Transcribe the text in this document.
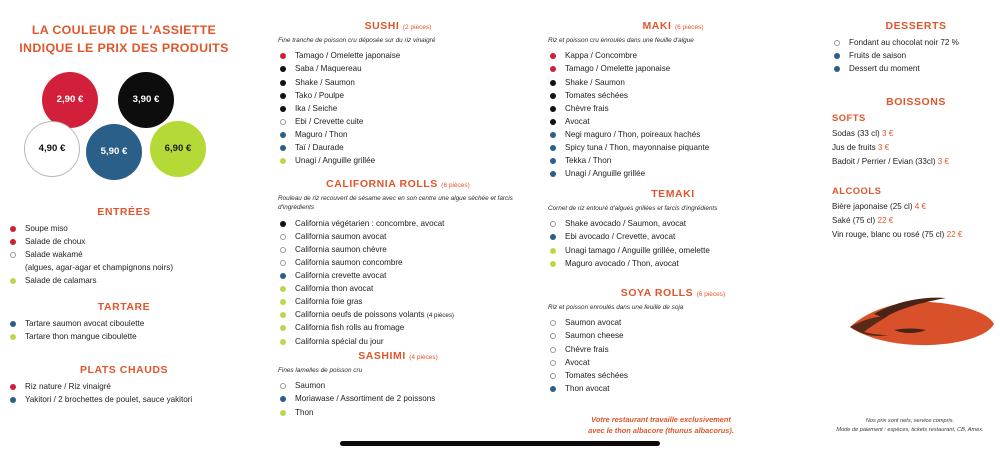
LA COULEUR DE L'ASSIETTE
INDIQUE LE PRIX DES PRODUITS
2,90 €	3,90 €
4,90 €	5,90 €	6,90 €
ENTRÉES
Soupe miso
Salade de choux
Salade wakamé
(algues, agar-agar et champignons noirs)
Salade de calamars
TARTARE
Tartare saumon avocat ciboulette
Tartare thon mangue ciboulette
PLATS CHAUDS
Riz nature / Riz vinaigré
Yakitori / 2 brochettes de poulet, sauce yakitori
SUSHI (2 pièces)
Fine tranche de poisson cru déposée sur du riz vinaigré
Tamago / Omelette japonaise
Saba / Maquereau
Shake / Saumon
Tako / Poulpe
Ika / Seiche
Ebi / Crevette cuite
Maguro / Thon
Taï / Daurade
Unagi / Anguille grillée
CALIFORNIA ROLLS (6 pièces)
Rouleau de riz recouvert de sésame avec en son centre une algue séchée et farcis d'ingrédients
California végétarien : concombre, avocat
California saumon avocat
California saumon chèvre
California saumon concombre
California crevette avocat
California thon avocat
California foie gras
California oeufs de poissons volants (4 pièces)
California fish rolls au fromage
California spécial du jour
SASHIMI (4 pièces)
Fines lamelles de poisson cru
Saumon
Moriawase / Assortiment de 2 poissons
Thon
MAKI (6 pièces)
Riz et poisson cru enroulés dans une feuille d'algue
Kappa / Concombre
Tamago / Omelette japonaise
Shake / Saumon
Tomates séchées
Chèvre frais
Avocat
Negi maguro / Thon, poireaux hachés
Spicy tuna / Thon, mayonnaise piquante
Tekka / Thon
Unagi / Anguille grillée
TEMAKI
Cornet de riz entouré d'algues grillées et farcis d'ingrédients
Shake avocado / Saumon, avocat
Ebi avocado / Crevette, avocat
Unagi tamago / Anguille grillée, omelette
Maguro avocado / Thon, avocat
SOYA ROLLS (6 pièces)
Riz et poisson enroulés dans une feuille de soja
Saumon avocat
Saumon cheese
Chèvre frais
Avocat
Tomates séchées
Thon avocat
DESSERTS
Fondant au chocolat noir 72 %
Fruits de saison
Dessert du moment
BOISSONS
SOFTS
Sodas (33 cl) 3 €
Jus de fruits 3 €
Badoit / Perrier / Evian (33cl) 3 €
ALCOOLS
Bière japonaise (25 cl) 4 €
Saké (75 cl) 22 €
Vin rouge, blanc ou rosé (75 cl) 22 €
Votre restaurant travaille exclusivement
avec le thon albacore (thunus albacorus).
Nos prix sont nets, service compris.
Mode de paiement : espèces, tickets restaurant, CB, Amex.
